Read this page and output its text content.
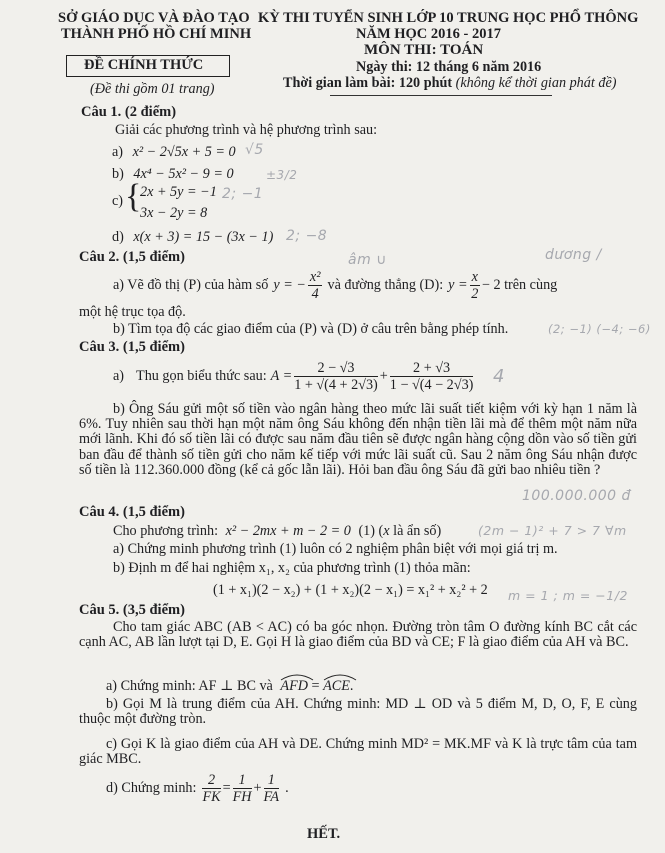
SỞ GIÁO DỤC VÀ ĐÀO TẠO
THÀNH PHỐ HỒ CHÍ MINH
ĐỀ CHÍNH THỨC
(Đề thi gồm 01 trang)
KỲ THI TUYỂN SINH LỚP 10 TRUNG HỌC PHỔ THÔNG
NĂM HỌC 2016 - 2017
MÔN THI: TOÁN
Ngày thi: 12 tháng 6 năm 2016
Thời gian làm bài: 120 phút (không kể thời gian phát đề)
Câu 1. (2 điểm)
Giải các phương trình và hệ phương trình sau:
a) x² − 2√5x + 5 = 0
b) 4x⁴ − 5x² − 9 = 0
c) {
2x + 5y = −1
3x − 2y = 8
d) x(x + 3) = 15 − (3x − 1)
Câu 2. (1,5 điểm)
a) Vẽ đồ thị (P) của hàm số y = − $\frac{\text{x²}}{4}$ và đường thẳng (D): $y = \frac{x}{2} - 2$ trên cùng
một hệ trục tọa độ.
b) Tìm tọa độ các giao điểm của (P) và (D) ở câu trên bằng phép tính.
Câu 3. (1,5 điểm)
a) Thu gọn biểu thức sau: $A = \frac{2 - √3}{1 + √(4 + 2√3)} + \frac{2 + √3}{1 - √(4 - 2√3)}$
b) Ông Sáu gửi một số tiền vào ngân hàng theo mức lãi suất tiết kiệm với kỳ hạn 1 năm là 6%. Tuy nhiên sau thời hạn một năm ông Sáu không đến nhận tiền lãi mà để thêm một năm nữa mới lãnh. Khi đó số tiền lãi có được sau năm đầu tiên sẽ được ngân hàng cộng dồn vào số tiền gửi ban đầu để thành số tiền gửi cho năm kế tiếp với mức lãi suất cũ. Sau 2 năm ông Sáu nhận được số tiền là 112.360.000 đồng (kể cả gốc lẫn lãi). Hỏi ban đầu ông Sáu đã gửi bao nhiêu tiền ?
Câu 4. (1,5 điểm)
Cho phương trình: x² − 2mx + m − 2 = 0 (1) (x là ẩn số)
a) Chứng minh phương trình (1) luôn có 2 nghiệm phân biệt với mọi giá trị m.
b) Định m để hai nghiệm x₁, x₂ của phương trình (1) thỏa mãn:
(1 + x₁)(2 − x₂) + (1 + x₂)(2 − x₁) = x₁² + x₂² + 2
Câu 5. (3,5 điểm)
Cho tam giác ABC (AB < AC) có ba góc nhọn. Đường tròn tâm O đường kính BC cắt các cạnh AC, AB lần lượt tại D, E. Gọi H là giao điểm của BD và CE; F là giao điểm của AH và BC.
a) Chứng minh: AF ⊥ BC và AFD = ACE.
b) Gọi M là trung điểm của AH. Chứng minh: MD ⊥ OD và 5 điểm M, D, O, F, E cùng thuộc một đường tròn.
c) Gọi K là giao điểm của AH và DE. Chứng minh MD² = MK.MF và K là trực tâm của tam giác MBC.
d) Chứng minh: $\frac{2}{FK} = \frac{1}{FH} + \frac{1}{FA}$ .
HẾT.
√5
±3/2
2; −1
2; −8
âm ∪	dương /
(2; −1) (−4; −6)
4
100.000.000 đ
(2m − 1)² + 7 > 7 ∀m
m = 1 ; m = −1/2
